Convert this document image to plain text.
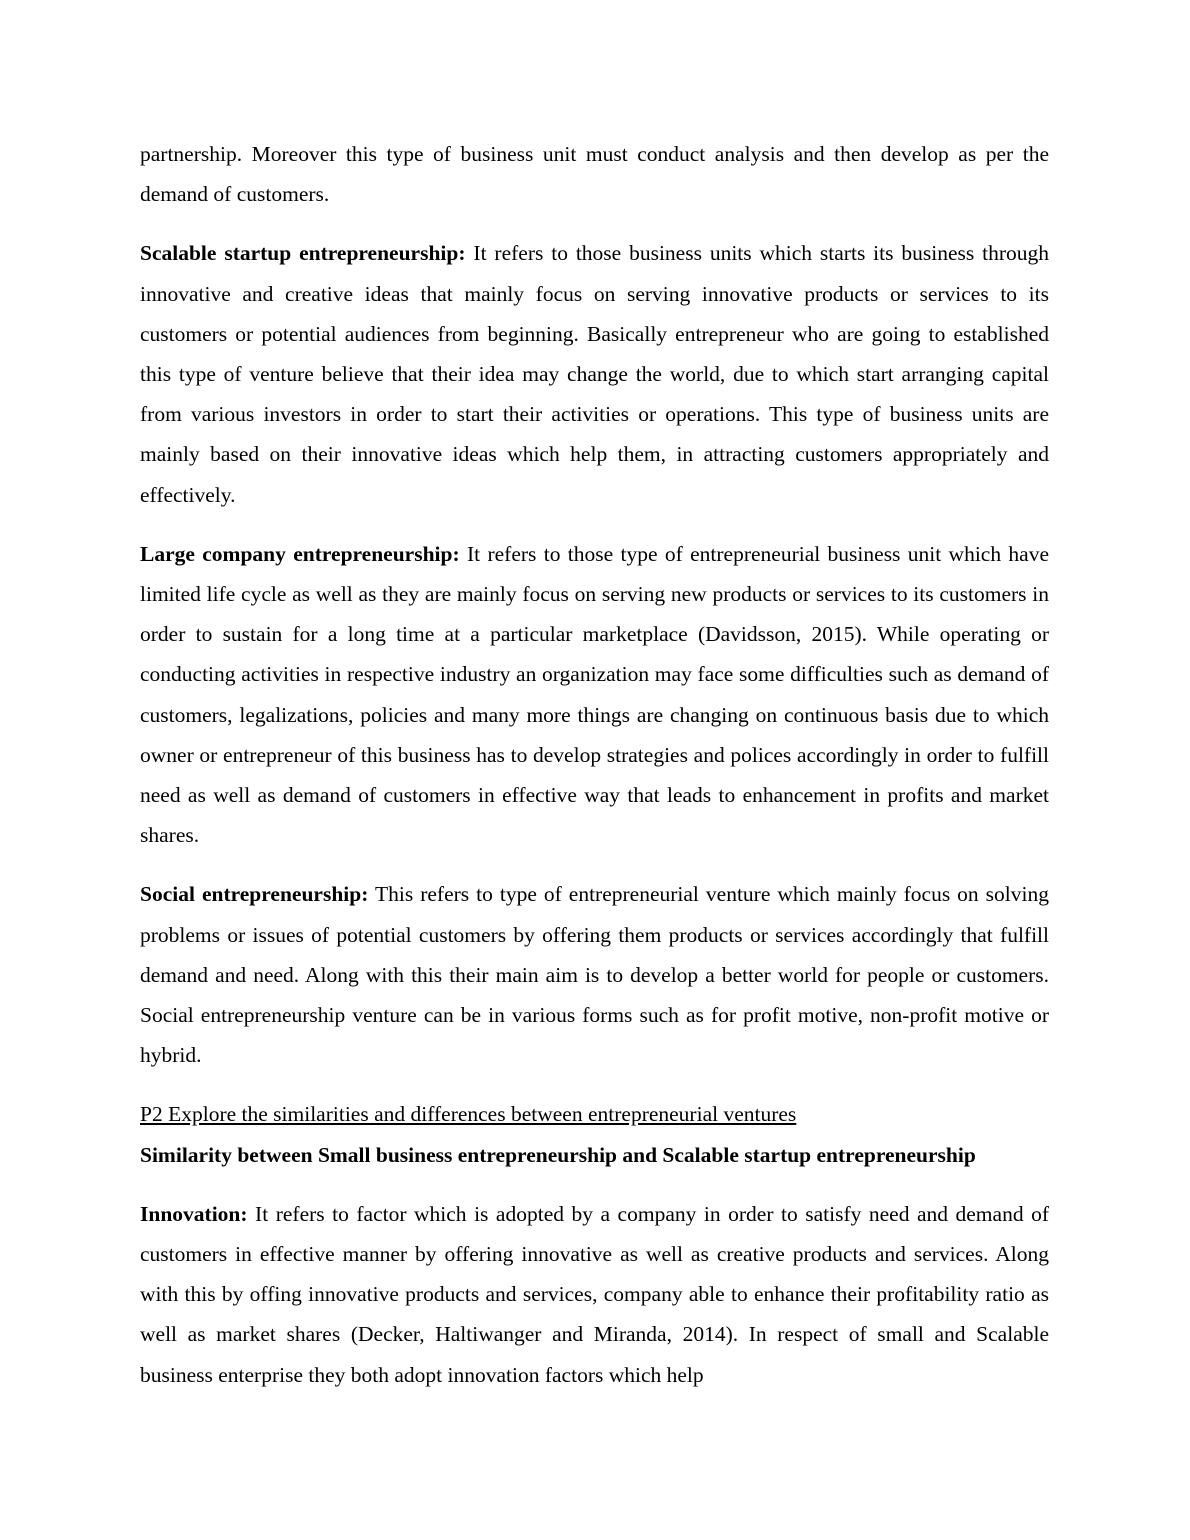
partnership. Moreover this type of business unit must conduct analysis and then develop as per the demand of customers.

Scalable startup entrepreneurship: It refers to those business units which starts its business through innovative and creative ideas that mainly focus on serving innovative products or services to its customers or potential audiences from beginning. Basically entrepreneur who are going to established this type of venture believe that their idea may change the world, due to which start arranging capital from various investors in order to start their activities or operations. This type of business units are mainly based on their innovative ideas which help them, in attracting customers appropriately and effectively.

Large company entrepreneurship: It refers to those type of entrepreneurial business unit which have limited life cycle as well as they are mainly focus on serving new products or services to its customers in order to sustain for a long time at a particular marketplace (Davidsson, 2015). While operating or conducting activities in respective industry an organization may face some difficulties such as demand of customers, legalizations, policies and many more things are changing on continuous basis due to which owner or entrepreneur of this business has to develop strategies and polices accordingly in order to fulfill need as well as demand of customers in effective way that leads to enhancement in profits and market shares.

Social entrepreneurship: This refers to type of entrepreneurial venture which mainly focus on solving problems or issues of potential customers by offering them products or services accordingly that fulfill demand and need. Along with this their main aim is to develop a better world for people or customers. Social entrepreneurship venture can be in various forms such as for profit motive, non-profit motive or hybrid.

P2 Explore the similarities and differences between entrepreneurial ventures

Similarity between Small business entrepreneurship and Scalable startup entrepreneurship

Innovation: It refers to factor which is adopted by a company in order to satisfy need and demand of customers in effective manner by offering innovative as well as creative products and services. Along with this by offing innovative products and services, company able to enhance their profitability ratio as well as market shares (Decker, Haltiwanger and Miranda, 2014). In respect of small and Scalable business enterprise they both adopt innovation factors which help
